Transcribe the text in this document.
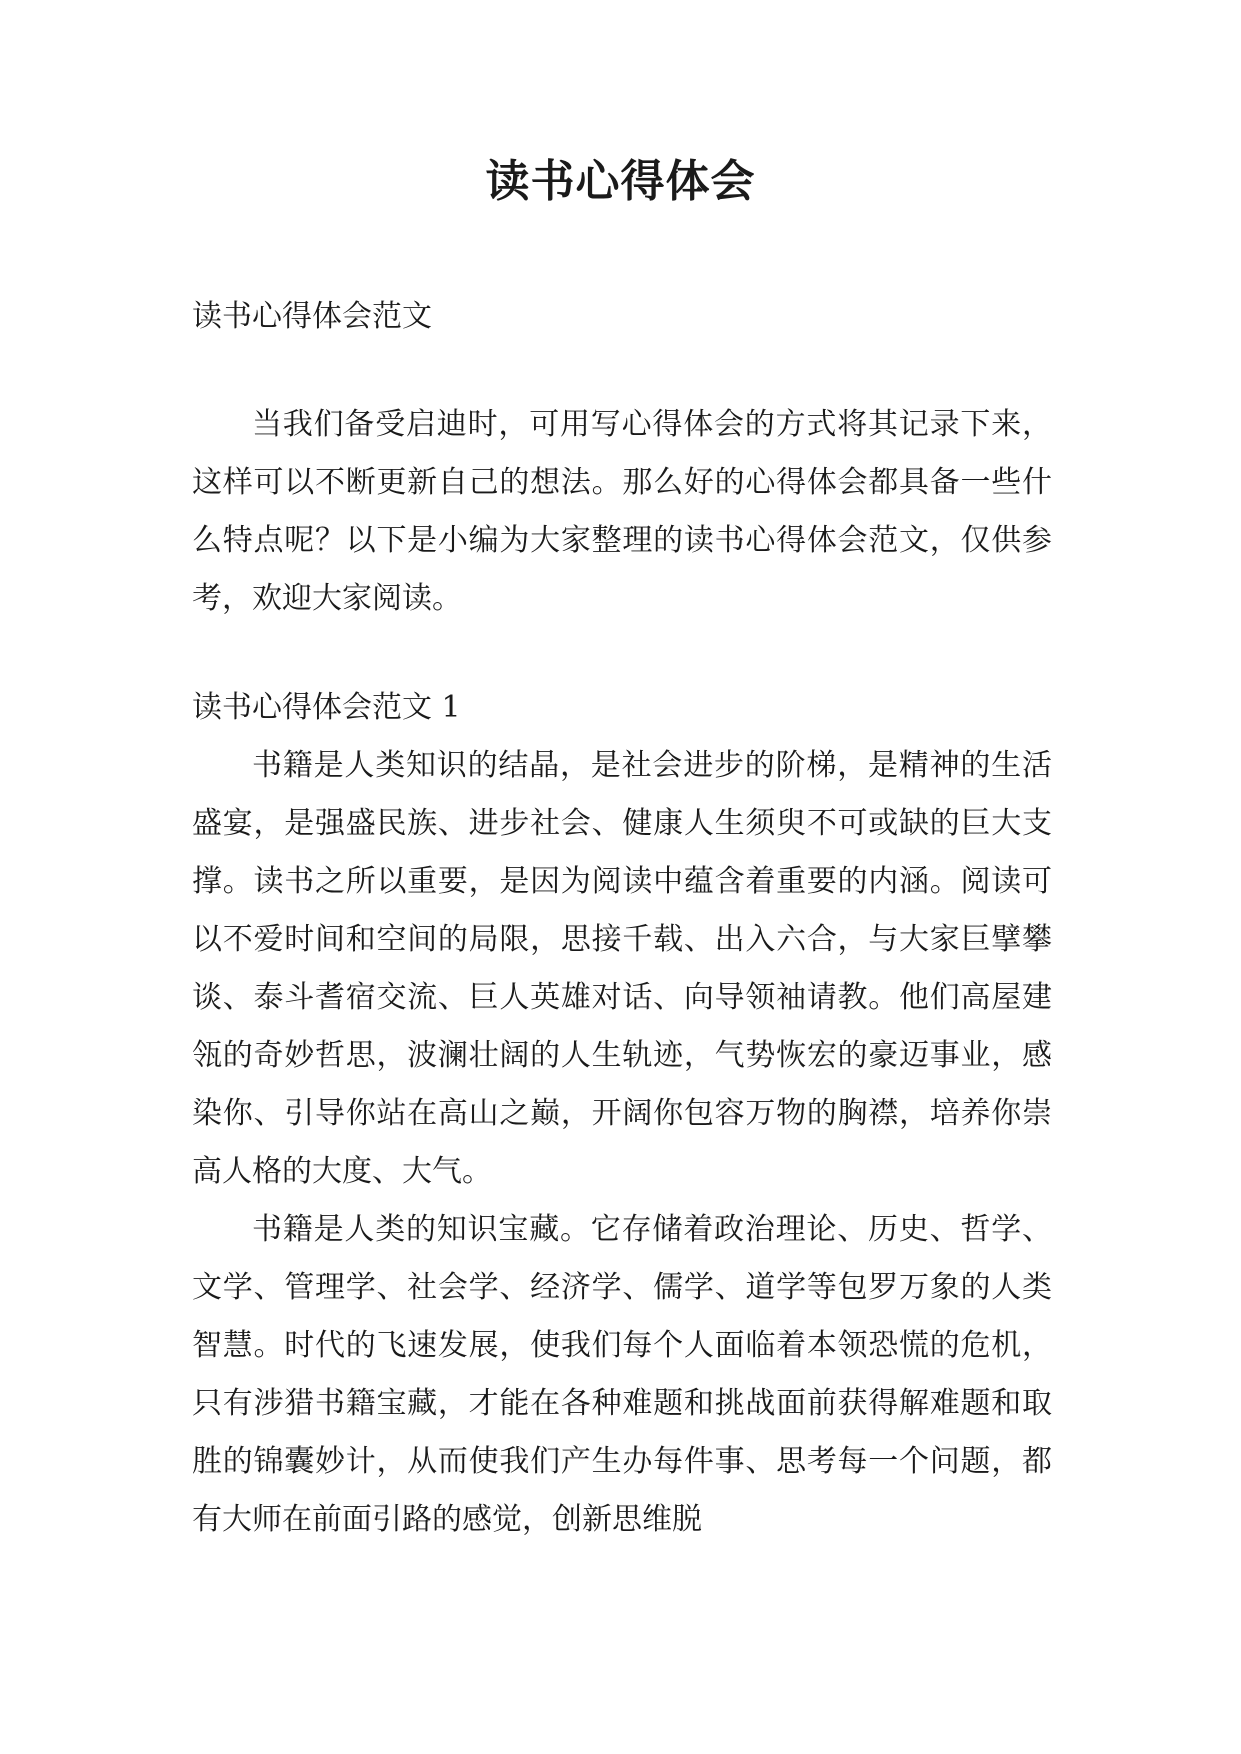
读书心得体会

读书心得体会范文

当我们备受启迪时，可用写心得体会的方式将其记录下来，这样可以不断更新自己的想法。那么好的心得体会都具备一些什么特点呢？以下是小编为大家整理的读书心得体会范文，仅供参考，欢迎大家阅读。

读书心得体会范文 1

书籍是人类知识的结晶，是社会进步的阶梯，是精神的生活盛宴，是强盛民族、进步社会、健康人生须臾不可或缺的巨大支撑。读书之所以重要，是因为阅读中蕴含着重要的内涵。阅读可以不爱时间和空间的局限，思接千载、出入六合，与大家巨擘攀谈、泰斗耆宿交流、巨人英雄对话、向导领袖请教。他们高屋建瓴的奇妙哲思，波澜壮阔的人生轨迹，气势恢宏的豪迈事业，感染你、引导你站在高山之巅，开阔你包容万物的胸襟，培养你崇高人格的大度、大气。

书籍是人类的知识宝藏。它存储着政治理论、历史、哲学、文学、管理学、社会学、经济学、儒学、道学等包罗万象的人类智慧。时代的飞速发展，使我们每个人面临着本领恐慌的危机，只有涉猎书籍宝藏，才能在各种难题和挑战面前获得解难题和取胜的锦囊妙计，从而使我们产生办每件事、思考每一个问题，都有大师在前面引路的感觉，创新思维脱
